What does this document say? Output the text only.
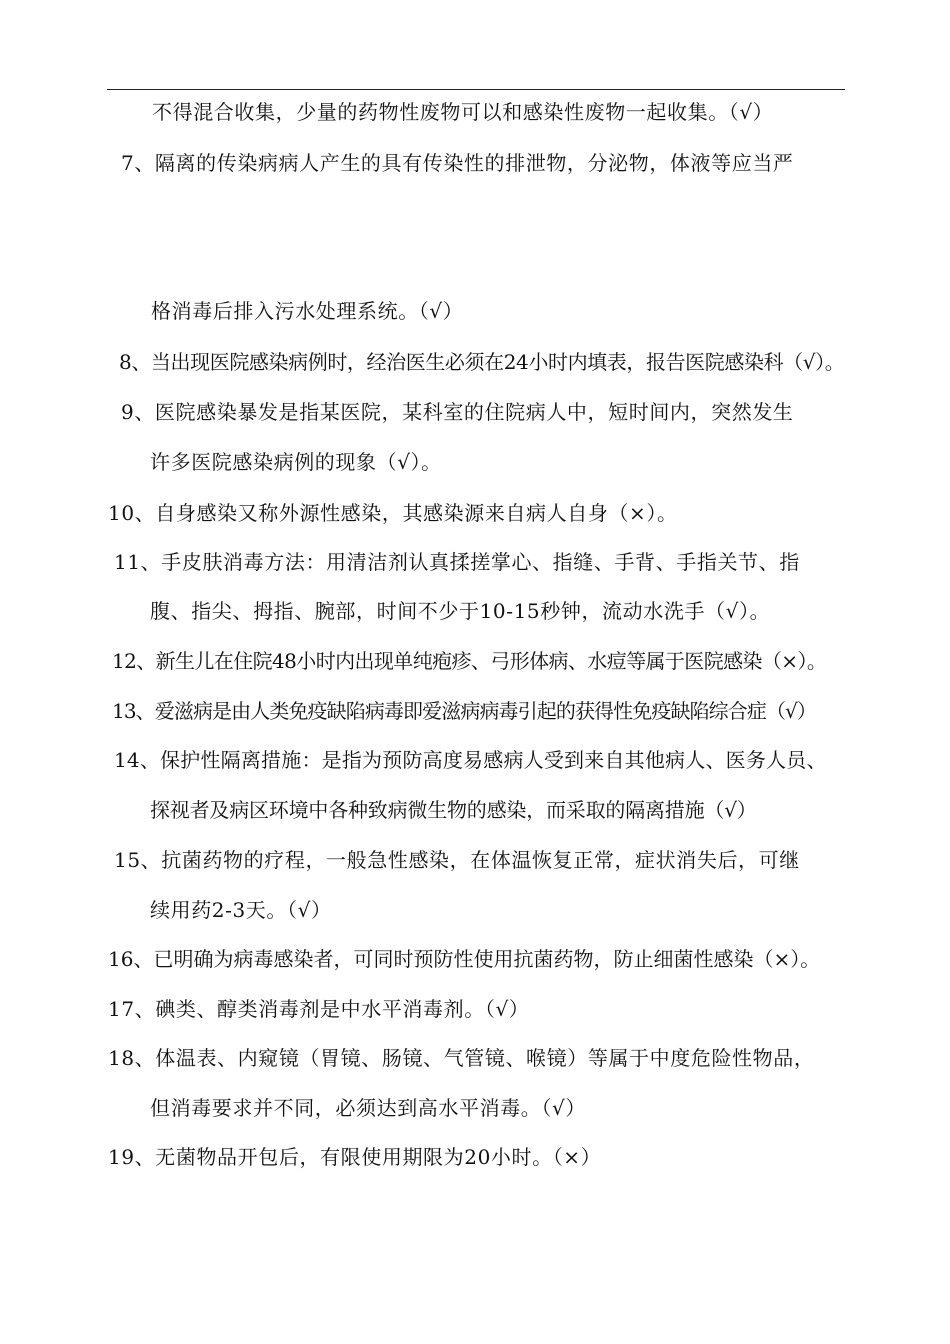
不得混合收集，少量的药物性废物可以和感染性废物一起收集。（√）
7、隔离的传染病病人产生的具有传染性的排泄物，分泌物，体液等应当严
格消毒后排入污水处理系统。（√）
8、当出现医院感染病例时，经治医生必须在24小时内填表，报告医院感染科（√）。
9、医院感染暴发是指某医院，某科室的住院病人中，短时间内，突然发生
许多医院感染病例的现象（√）。
10、自身感染又称外源性感染，其感染源来自病人自身（×）。
11、手皮肤消毒方法：用清洁剂认真揉搓掌心、指缝、手背、手指关节、指
腹、指尖、拇指、腕部，时间不少于10-15秒钟，流动水洗手（√）。
12、新生儿在住院48小时内出现单纯疱疹、弓形体病、水痘等属于医院感染（×）。
13、爱滋病是由人类免疫缺陷病毒即爱滋病病毒引起的获得性免疫缺陷综合症（√）
14、保护性隔离措施：是指为预防高度易感病人受到来自其他病人、医务人员、
探视者及病区环境中各种致病微生物的感染，而采取的隔离措施（√）
15、抗菌药物的疗程，一般急性感染，在体温恢复正常，症状消失后，可继
续用药2-3天。（√）
16、已明确为病毒感染者，可同时预防性使用抗菌药物，防止细菌性感染（×）。
17、碘类、醇类消毒剂是中水平消毒剂。（√）
18、体温表、内窥镜（胃镜、肠镜、气管镜、喉镜）等属于中度危险性物品，
但消毒要求并不同，必须达到高水平消毒。（√）
19、无菌物品开包后，有限使用期限为20小时。（×）
